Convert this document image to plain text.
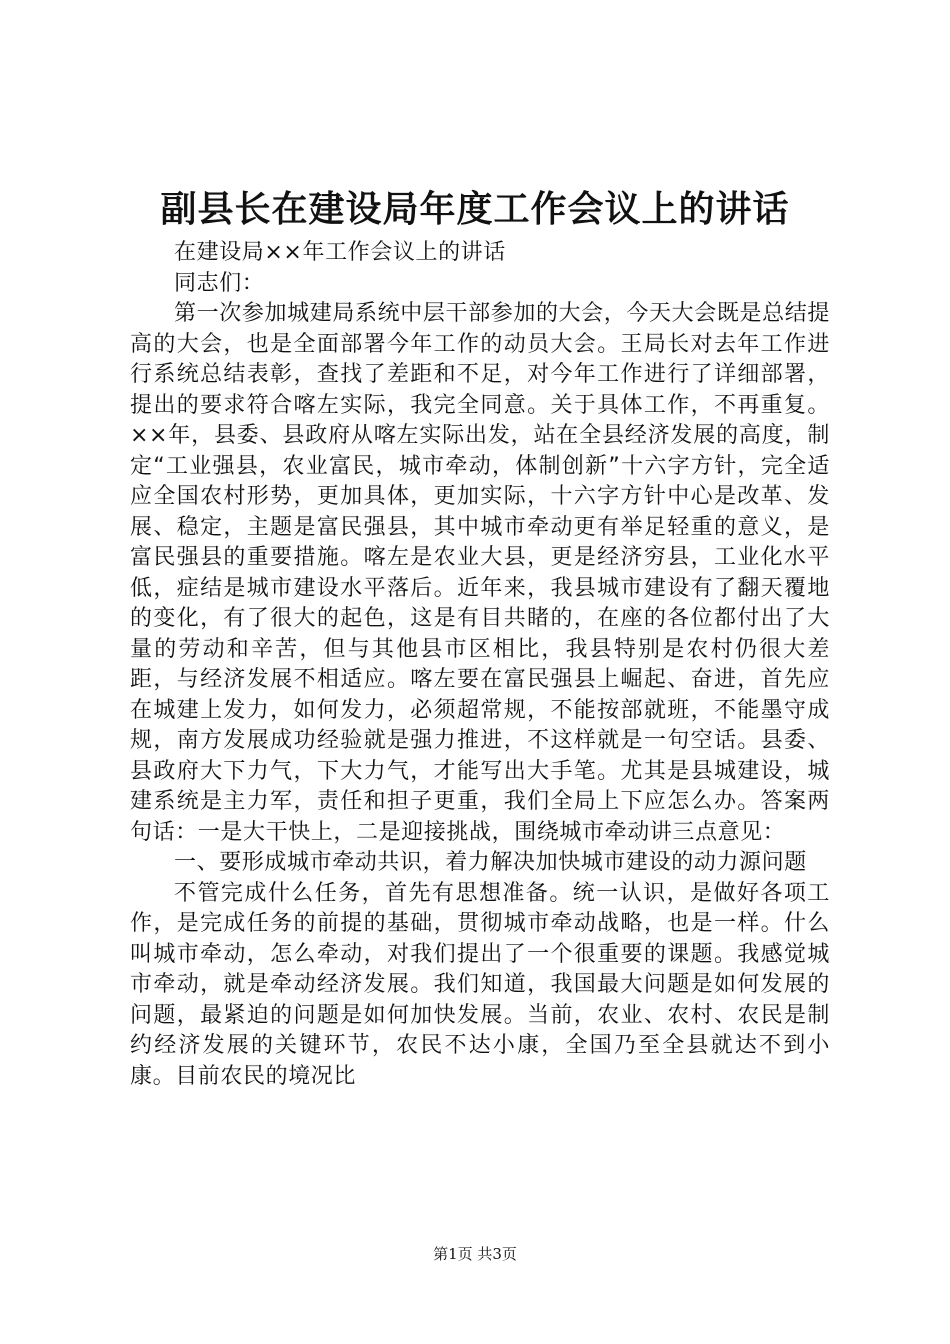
副县长在建设局年度工作会议上的讲话

在建设局××年工作会议上的讲话

同志们：

第一次参加城建局系统中层干部参加的大会，今天大会既是总结提高的大会，也是全面部署今年工作的动员大会。王局长对去年工作进行系统总结表彰，查找了差距和不足，对今年工作进行了详细部署，提出的要求符合喀左实际，我完全同意。关于具体工作，不再重复。××年，县委、县政府从喀左实际出发，站在全县经济发展的高度，制定“工业强县，农业富民，城市牵动，体制创新”十六字方针，完全适应全国农村形势，更加具体，更加实际，十六字方针中心是改革、发展、稳定，主题是富民强县，其中城市牵动更有举足轻重的意义，是富民强县的重要措施。喀左是农业大县，更是经济穷县，工业化水平低，症结是城市建设水平落后。近年来，我县城市建设有了翻天覆地的变化，有了很大的起色，这是有目共睹的，在座的各位都付出了大量的劳动和辛苦，但与其他县市区相比，我县特别是农村仍很大差距，与经济发展不相适应。喀左要在富民强县上崛起、奋进，首先应在城建上发力，如何发力，必须超常规，不能按部就班，不能墨守成规，南方发展成功经验就是强力推进，不这样就是一句空话。县委、县政府大下力气，下大力气，才能写出大手笔。尤其是县城建设，城建系统是主力军，责任和担子更重，我们全局上下应怎么办。答案两句话：一是大干快上，二是迎接挑战，围绕城市牵动讲三点意见：

一、要形成城市牵动共识，着力解决加快城市建设的动力源问题

不管完成什么任务，首先有思想准备。统一认识，是做好各项工作，是完成任务的前提的基础，贯彻城市牵动战略，也是一样。什么叫城市牵动，怎么牵动，对我们提出了一个很重要的课题。我感觉城市牵动，就是牵动经济发展。我们知道，我国最大问题是如何发展的问题，最紧迫的问题是如何加快发展。当前，农业、农村、农民是制约经济发展的关键环节，农民不达小康，全国乃至全县就达不到小康。目前农民的境况比

第1页 共3页
